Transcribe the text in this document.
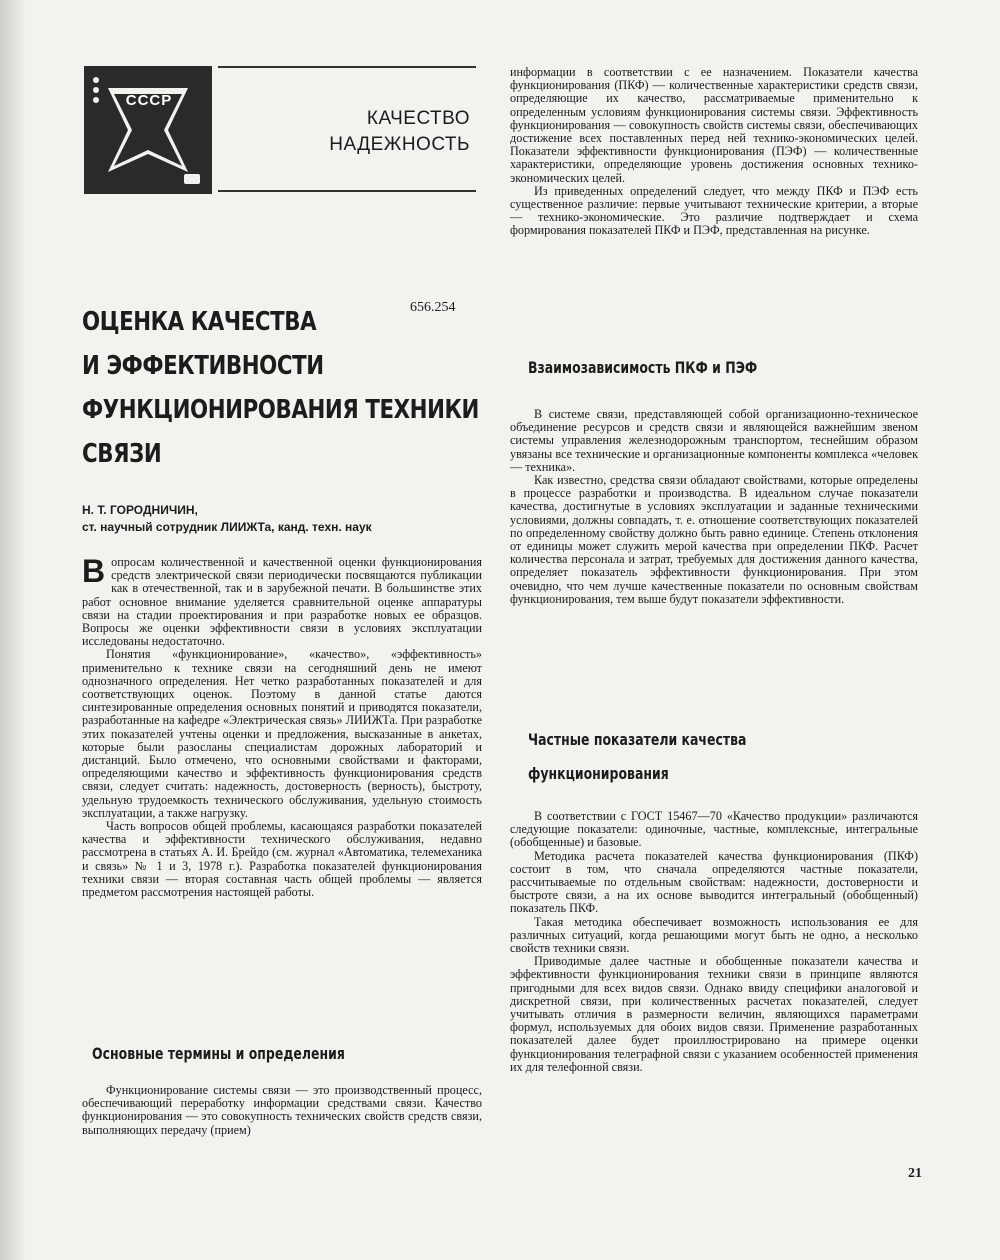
СССР
КАЧЕСТВО
НАДЕЖНОСТЬ
656.254
ОЦЕНКА КАЧЕСТВА
И ЭФФЕКТИВНОСТИ
ФУНКЦИОНИРОВАНИЯ ТЕХНИКИ
СВЯЗИ
Н. Т. ГОРОДНИЧИН,
ст. научный сотрудник ЛИИЖТа, канд. техн. наук

Вопросам количественной и качественной оценки функционирования средств электрической связи периодически посвящаются публикации как в отечественной, так и в зарубежной печати. В большинстве этих работ основное внимание уделяется сравнительной оценке аппаратуры связи на стадии проектирования и при разработке новых ее образцов. Вопросы же оценки эффективности связи в условиях эксплуатации исследованы недостаточно.

Понятия «функционирование», «качество», «эффективность» применительно к технике связи на сегодняшний день не имеют однозначного определения. Нет четко разработанных показателей и для соответствующих оценок. Поэтому в данной статье даются синтезированные определения основных понятий и приводятся показатели, разработанные на кафедре «Электрическая связь» ЛИИЖТа. При разработке этих показателей учтены оценки и предложения, высказанные в анкетах, которые были разосланы специалистам дорожных лабораторий и дистанций. Было отмечено, что основными свойствами и факторами, определяющими качество и эффективность функционирования средств связи, следует считать: надежность, достоверность (верность), быстроту, удельную трудоемкость технического обслуживания, удельную стоимость эксплуатации, а также нагрузку.

Часть вопросов общей проблемы, касающаяся разработки показателей качества и эффективности технического обслуживания, недавно рассмотрена в статьях А. И. Брейдо (см. журнал «Автоматика, телемеханика и связь» № 1 и 3, 1978 г.). Разработка показателей функционирования техники связи — вторая составная часть общей проблемы — является предметом рассмотрения настоящей работы.

Основные термины и определения

Функционирование системы связи — это производственный процесс, обеспечивающий переработку информации средствами связи. Качество функционирования — это совокупность технических свойств средств связи, выполняющих передачу (прием)

информации в соответствии с ее назначением. Показатели качества функционирования (ПКФ) — количественные характеристики средств связи, определяющие их качество, рассматриваемые применительно к определенным условиям функционирования системы связи. Эффективность функционирования — совокупность свойств системы связи, обеспечивающих достижение всех поставленных перед ней технико-экономических целей. Показатели эффективности функционирования (ПЭФ) — количественные характеристики, определяющие уровень достижения основных технико-экономических целей.

Из приведенных определений следует, что между ПКФ и ПЭФ есть существенное различие: первые учитывают технические критерии, а вторые — технико-экономические. Это различие подтверждает и схема формирования показателей ПКФ и ПЭФ, представленная на рисунке.

Взаимозависимость ПКФ и ПЭФ

В системе связи, представляющей собой организационно-техническое объединение ресурсов и средств связи и являющейся важнейшим звеном системы управления железнодорожным транспортом, теснейшим образом увязаны все технические и организационные компоненты комплекса «человек — техника».

Как известно, средства связи обладают свойствами, которые определены в процессе разработки и производства. В идеальном случае показатели качества, достигнутые в условиях эксплуатации и заданные техническими условиями, должны совпадать, т. е. отношение соответствующих показателей по определенному свойству должно быть равно единице. Степень отклонения от единицы может служить мерой качества при определении ПКФ. Расчет количества персонала и затрат, требуемых для достижения данного качества, определяет показатель эффективности функционирования. При этом очевидно, что чем лучше качественные показатели по основным свойствам функционирования, тем выше будут показатели эффективности.

Частные показатели качества
функционирования

В соответствии с ГОСТ 15467—70 «Качество продукции» различаются следующие показатели: одиночные, частные, комплексные, интегральные (обобщенные) и базовые.

Методика расчета показателей качества функционирования (ПКФ) состоит в том, что сначала определяются частные показатели, рассчитываемые по отдельным свойствам: надежности, достоверности и быстроте связи, а на их основе выводится интегральный (обобщенный) показатель ПКФ.

Такая методика обеспечивает возможность использования ее для различных ситуаций, когда решающими могут быть не одно, а несколько свойств техники связи.

Приводимые далее частные и обобщенные показатели качества и эффективности функционирования техники связи в принципе являются пригодными для всех видов связи. Однако ввиду специфики аналоговой и дискретной связи, при количественных расчетах показателей, следует учитывать отличия в размерности величин, являющихся параметрами формул, используемых для обоих видов связи. Применение разработанных показателей далее будет проиллюстрировано на примере оценки функционирования телеграфной связи с указанием особенностей применения их для телефонной связи.

21
